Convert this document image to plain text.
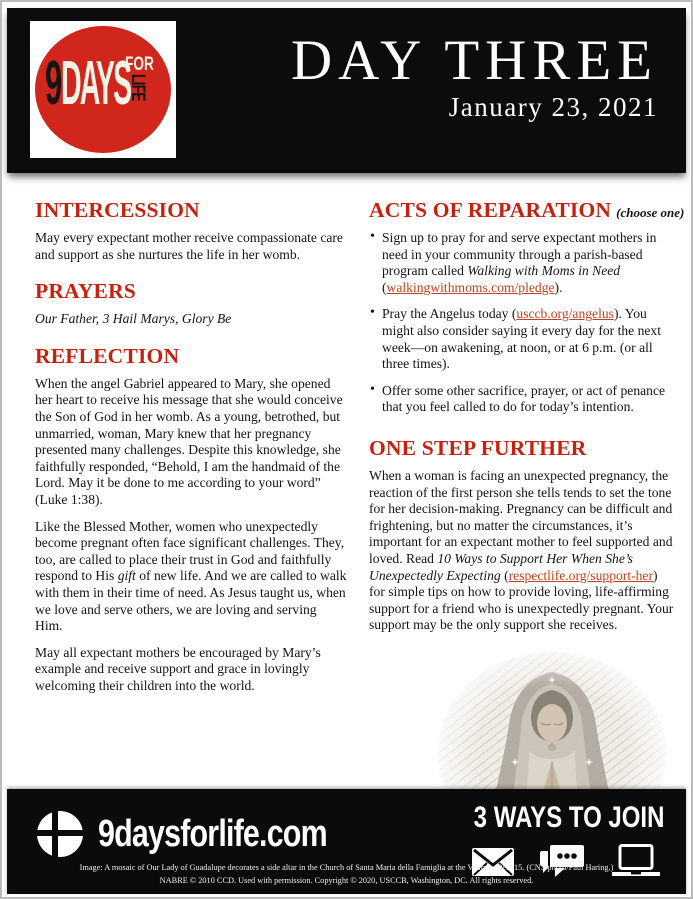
9
DAYS
FOR
LIFE	DAY THREE
January 23, 2021
INTERCESSION

May every expectant mother receive compassionate care and support as she nurtures the life in her womb.

PRAYERS

Our Father, 3 Hail Marys, Glory Be

REFLECTION

When the angel Gabriel appeared to Mary, she opened her heart to receive his message that she would conceive the Son of God in her womb. As a young, betrothed, but unmarried, woman, Mary knew that her pregnancy presented many challenges. Despite this knowledge, she faithfully responded, “Behold, I am the handmaid of the Lord. May it be done to me according to your word” (Luke 1:38).

Like the Blessed Mother, women who unexpectedly become pregnant often face significant challenges. They, too, are called to place their trust in God and faithfully respond to His gift of new life. And we are called to walk with them in their time of need. As Jesus taught us, when we love and serve others, we are loving and serving Him.

May all expectant mothers be encouraged by Mary’s example and receive support and grace in lovingly welcoming their children into the world.

ACTS OF REPARATION (choose one)
• Sign up to pray for and serve expectant mothers in need in your community through a parish-based program called Walking with Moms in Need (walkingwithmoms.com/pledge).
• Pray the Angelus today (usccb.org/angelus). You might also consider saying it every day for the next week—on awakening, at noon, or at 6 p.m. (or all three times).
• Offer some other sacrifice, prayer, or act of penance that you feel called to do for today’s intention.
ONE STEP FURTHER

When a woman is facing an unexpected pregnancy, the reaction of the first person she tells tends to set the tone for her decision-making. Pregnancy can be difficult and frightening, but no matter the circumstances, it’s important for an expectant mother to feel supported and loved. Read 10 Ways to Support Her When She’s Unexpectedly Expecting (respectlife.org/support-her) for simple tips on how to provide loving, life-affirming support for a friend who is unexpectedly pregnant. Your support may be the only support she receives.

9daysforlife.com	3 WAYS TO JOIN
Image: A mosaic of Our Lady of Guadalupe decorates a side altar in the Church of Santa Maria della Famiglia at the Vatican. Dec. 15. (CNS photo/Paul Haring.)
NABRE © 2010 CCD. Used with permission. Copyright © 2020, USCCB, Washington, DC. All rights reserved.
